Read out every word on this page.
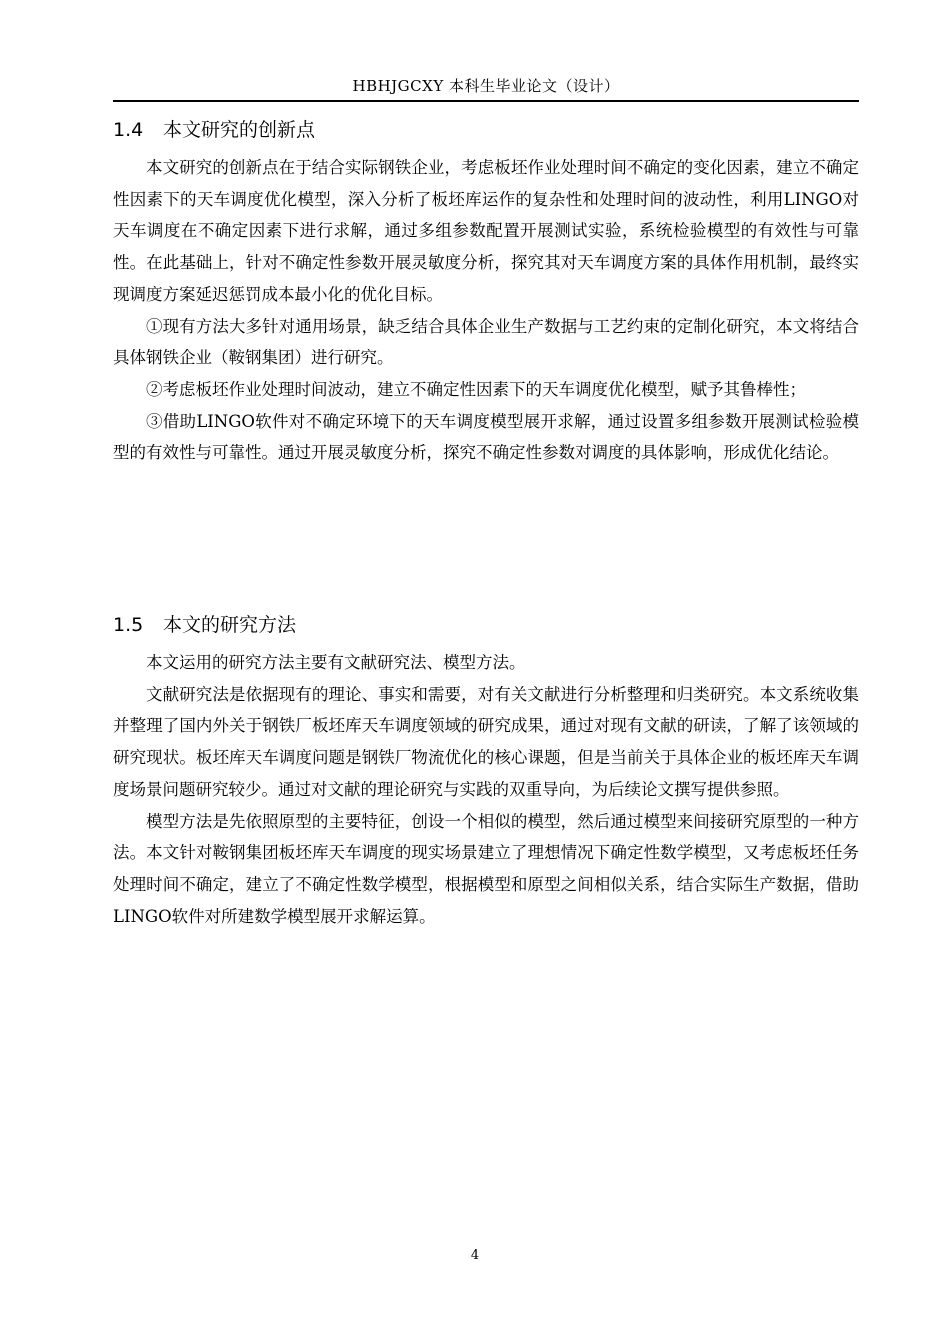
HBHJGCXY 本科生毕业论文（设计）
1.4 本文研究的创新点

本文研究的创新点在于结合实际钢铁企业，考虑板坯作业处理时间不确定的变化因素，建立不确定性因素下的天车调度优化模型，深入分析了板坯库运作的复杂性和处理时间的波动性，利用LINGO对天车调度在不确定因素下进行求解，通过多组参数配置开展测试实验，系统检验模型的有效性与可靠性。在此基础上，针对不确定性参数开展灵敏度分析，探究其对天车调度方案的具体作用机制，最终实现调度方案延迟惩罚成本最小化的优化目标。

①现有方法大多针对通用场景，缺乏结合具体企业生产数据与工艺约束的定制化研究，本文将结合具体钢铁企业（鞍钢集团）进行研究。

②考虑板坯作业处理时间波动，建立不确定性因素下的天车调度优化模型，赋予其鲁棒性；

③借助LINGO软件对不确定环境下的天车调度模型展开求解，通过设置多组参数开展测试检验模型的有效性与可靠性。通过开展灵敏度分析，探究不确定性参数对调度的具体影响，形成优化结论。

1.5 本文的研究方法

本文运用的研究方法主要有文献研究法、模型方法。

文献研究法是依据现有的理论、事实和需要，对有关文献进行分析整理和归类研究。本文系统收集并整理了国内外关于钢铁厂板坯库天车调度领域的研究成果，通过对现有文献的研读，了解了该领域的研究现状。板坯库天车调度问题是钢铁厂物流优化的核心课题，但是当前关于具体企业的板坯库天车调度场景问题研究较少。通过对文献的理论研究与实践的双重导向，为后续论文撰写提供参照。

模型方法是先依照原型的主要特征，创设一个相似的模型，然后通过模型来间接研究原型的一种方法。本文针对鞍钢集团板坯库天车调度的现实场景建立了理想情况下确定性数学模型，又考虑板坯任务处理时间不确定，建立了不确定性数学模型，根据模型和原型之间相似关系，结合实际生产数据，借助LINGO软件对所建数学模型展开求解运算。

4
